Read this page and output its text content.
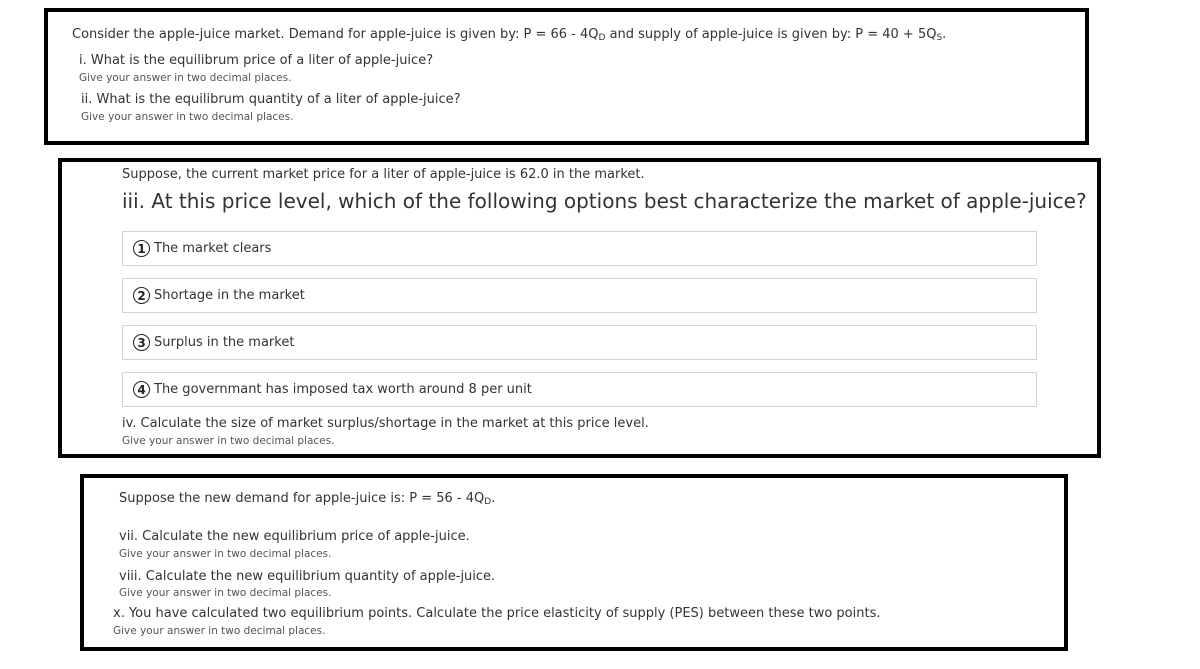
Consider the apple-juice market. Demand for apple-juice is given by: $P = 66 - 4Q_D$ and supply of apple-juice is given by: $P = 40 + 5Q_S$.
i. What is the equilibrum price of a liter of apple-juice?
Give your answer in two decimal places.
ii. What is the equilibrum quantity of a liter of apple-juice?
Give your answer in two decimal places.
Suppose, the current market price for a liter of apple-juice is 62.0 in the market.
iii. At this price level, which of the following options best characterize the market of apple-juice?
1 The market clears
2 Shortage in the market
3 Surplus in the market
4 The governmant has imposed tax worth around 8 per unit
iv. Calculate the size of market surplus/shortage in the market at this price level.
Give your answer in two decimal places.
Suppose the new demand for apple-juice is: $P = 56 - 4Q_D$.
vii. Calculate the new equilibrium price of apple-juice.
Give your answer in two decimal places.
viii. Calculate the new equilibrium quantity of apple-juice.
Give your answer in two decimal places.
x. You have calculated two equilibrium points. Calculate the price elasticity of supply (PES) between these two points.
Give your answer in two decimal places.
